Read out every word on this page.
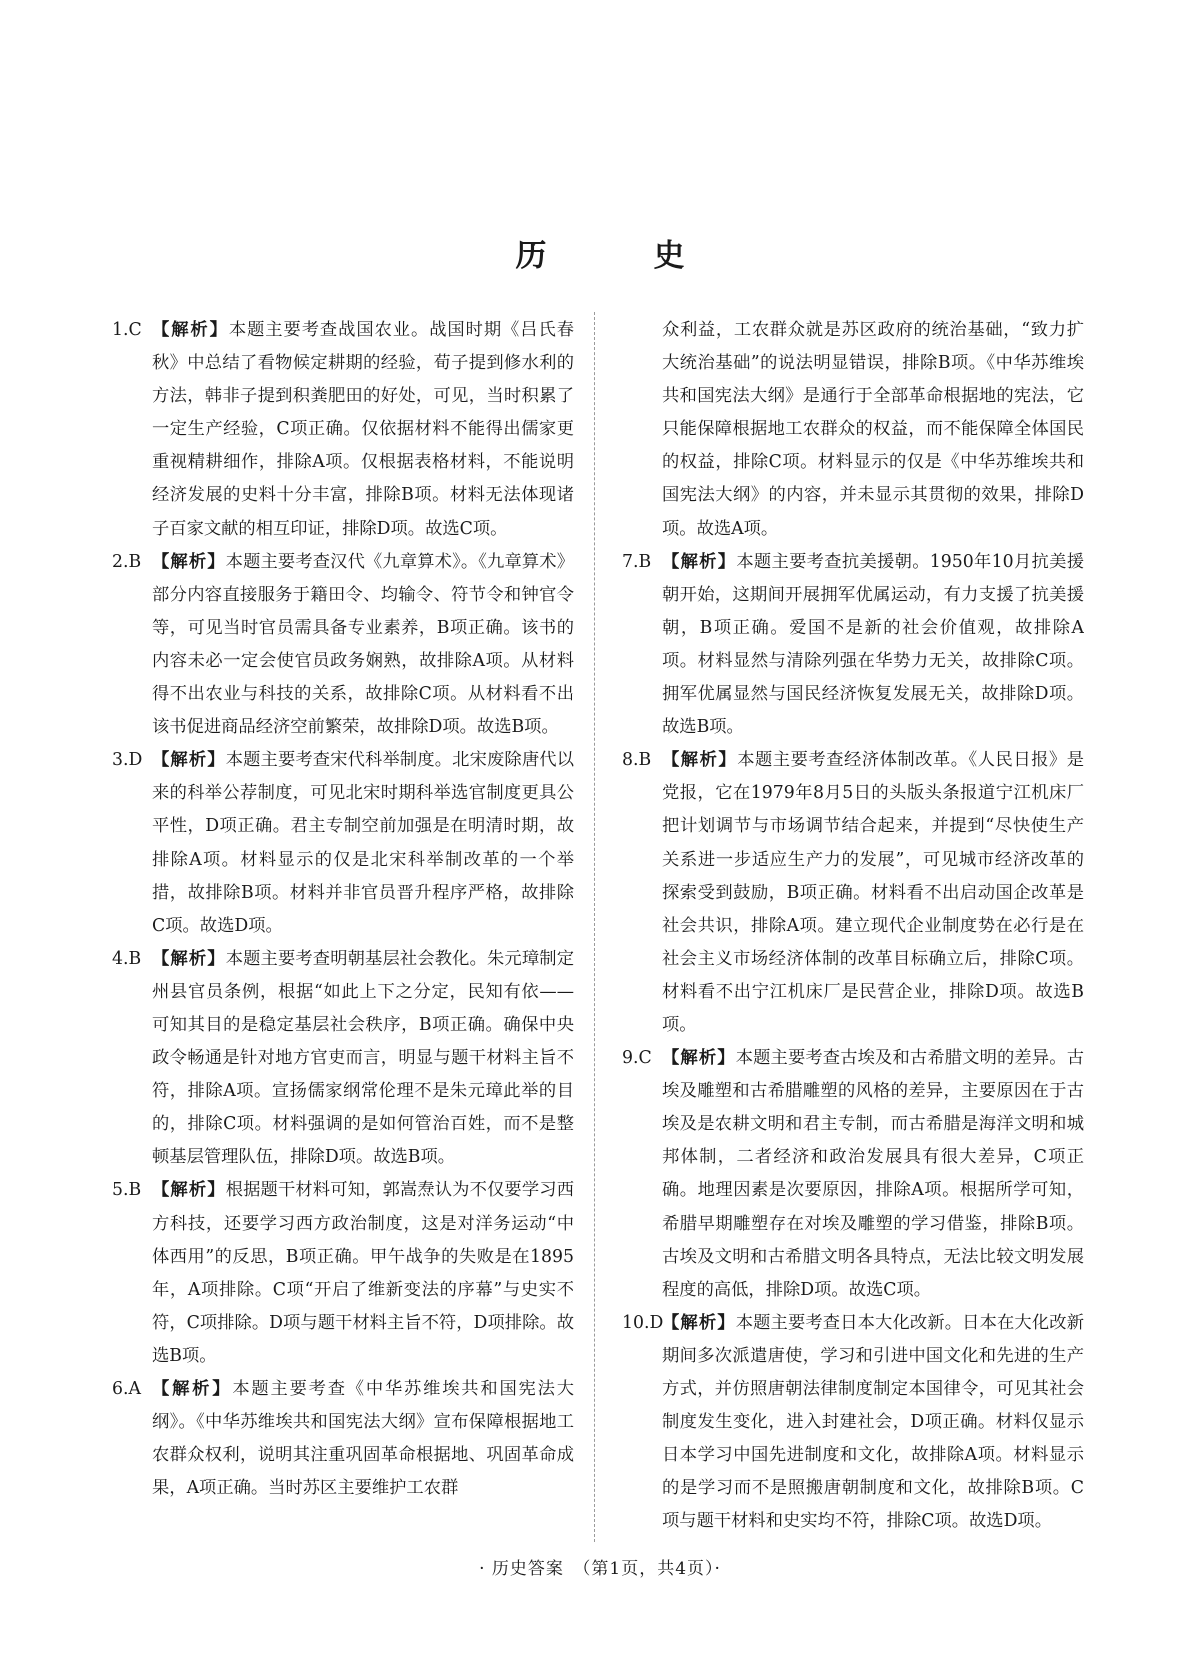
历　史

1.C 【解析】本题主要考查战国农业。战国时期《吕氏春秋》中总结了看物候定耕期的经验，荀子提到修水利的方法，韩非子提到积粪肥田的好处，可见，当时积累了一定生产经验，C项正确。仅依据材料不能得出儒家更重视精耕细作，排除A项。仅根据表格材料，不能说明经济发展的史料十分丰富，排除B项。材料无法体现诸子百家文献的相互印证，排除D项。故选C项。

2.B 【解析】本题主要考查汉代《九章算术》。《九章算术》部分内容直接服务于籍田令、均输令、符节令和钟官令等，可见当时官员需具备专业素养，B项正确。该书的内容未必一定会使官员政务娴熟，故排除A项。从材料得不出农业与科技的关系，故排除C项。从材料看不出该书促进商品经济空前繁荣，故排除D项。故选B项。

3.D 【解析】本题主要考查宋代科举制度。北宋废除唐代以来的科举公荐制度，可见北宋时期科举选官制度更具公平性，D项正确。君主专制空前加强是在明清时期，故排除A项。材料显示的仅是北宋科举制改革的一个举措，故排除B项。材料并非官员晋升程序严格，故排除C项。故选D项。

4.B 【解析】本题主要考查明朝基层社会教化。朱元璋制定州县官员条例，根据“如此上下之分定，民知有依——可知其目的是稳定基层社会秩序，B项正确。确保中央政令畅通是针对地方官吏而言，明显与题干材料主旨不符，排除A项。宣扬儒家纲常伦理不是朱元璋此举的目的，排除C项。材料强调的是如何管治百姓，而不是整顿基层管理队伍，排除D项。故选B项。

5.B 【解析】根据题干材料可知，郭嵩焘认为不仅要学习西方科技，还要学习西方政治制度，这是对洋务运动“中体西用”的反思，B项正确。甲午战争的失败是在1895年，A项排除。C项“开启了维新变法的序幕”与史实不符，C项排除。D项与题干材料主旨不符，D项排除。故选B项。

6.A 【解析】本题主要考查《中华苏维埃共和国宪法大纲》。《中华苏维埃共和国宪法大纲》宣布保障根据地工农群众权利，说明其注重巩固革命根据地、巩固革命成果，A项正确。当时苏区主要维护工农群

众利益，工农群众就是苏区政府的统治基础，“致力扩大统治基础”的说法明显错误，排除B项。《中华苏维埃共和国宪法大纲》是通行于全部革命根据地的宪法，它只能保障根据地工农群众的权益，而不能保障全体国民的权益，排除C项。材料显示的仅是《中华苏维埃共和国宪法大纲》的内容，并未显示其贯彻的效果，排除D项。故选A项。

7.B 【解析】本题主要考查抗美援朝。1950年10月抗美援朝开始，这期间开展拥军优属运动，有力支援了抗美援朝，B项正确。爱国不是新的社会价值观，故排除A项。材料显然与清除列强在华势力无关，故排除C项。拥军优属显然与国民经济恢复发展无关，故排除D项。故选B项。

8.B 【解析】本题主要考查经济体制改革。《人民日报》是党报，它在1979年8月5日的头版头条报道宁江机床厂把计划调节与市场调节结合起来，并提到“尽快使生产关系进一步适应生产力的发展”，可见城市经济改革的探索受到鼓励，B项正确。材料看不出启动国企改革是社会共识，排除A项。建立现代企业制度势在必行是在社会主义市场经济体制的改革目标确立后，排除C项。材料看不出宁江机床厂是民营企业，排除D项。故选B项。

9.C 【解析】本题主要考查古埃及和古希腊文明的差异。古埃及雕塑和古希腊雕塑的风格的差异，主要原因在于古埃及是农耕文明和君主专制，而古希腊是海洋文明和城邦体制，二者经济和政治发展具有很大差异，C项正确。地理因素是次要原因，排除A项。根据所学可知，希腊早期雕塑存在对埃及雕塑的学习借鉴，排除B项。古埃及文明和古希腊文明各具特点，无法比较文明发展程度的高低，排除D项。故选C项。

10.D
【解析】本题主要考查日本大化改新。日本在大化改新期间多次派遣唐使，学习和引进中国文化和先进的生产方式，并仿照唐朝法律制度制定本国律令，可见其社会制度发生变化，进入封建社会，D项正确。材料仅显示日本学习中国先进制度和文化，故排除A项。材料显示的是学习而不是照搬唐朝制度和文化，故排除B项。C项与题干材料和史实均不符，排除C项。故选D项。

· 历史答案　（第1页，共4页）·
